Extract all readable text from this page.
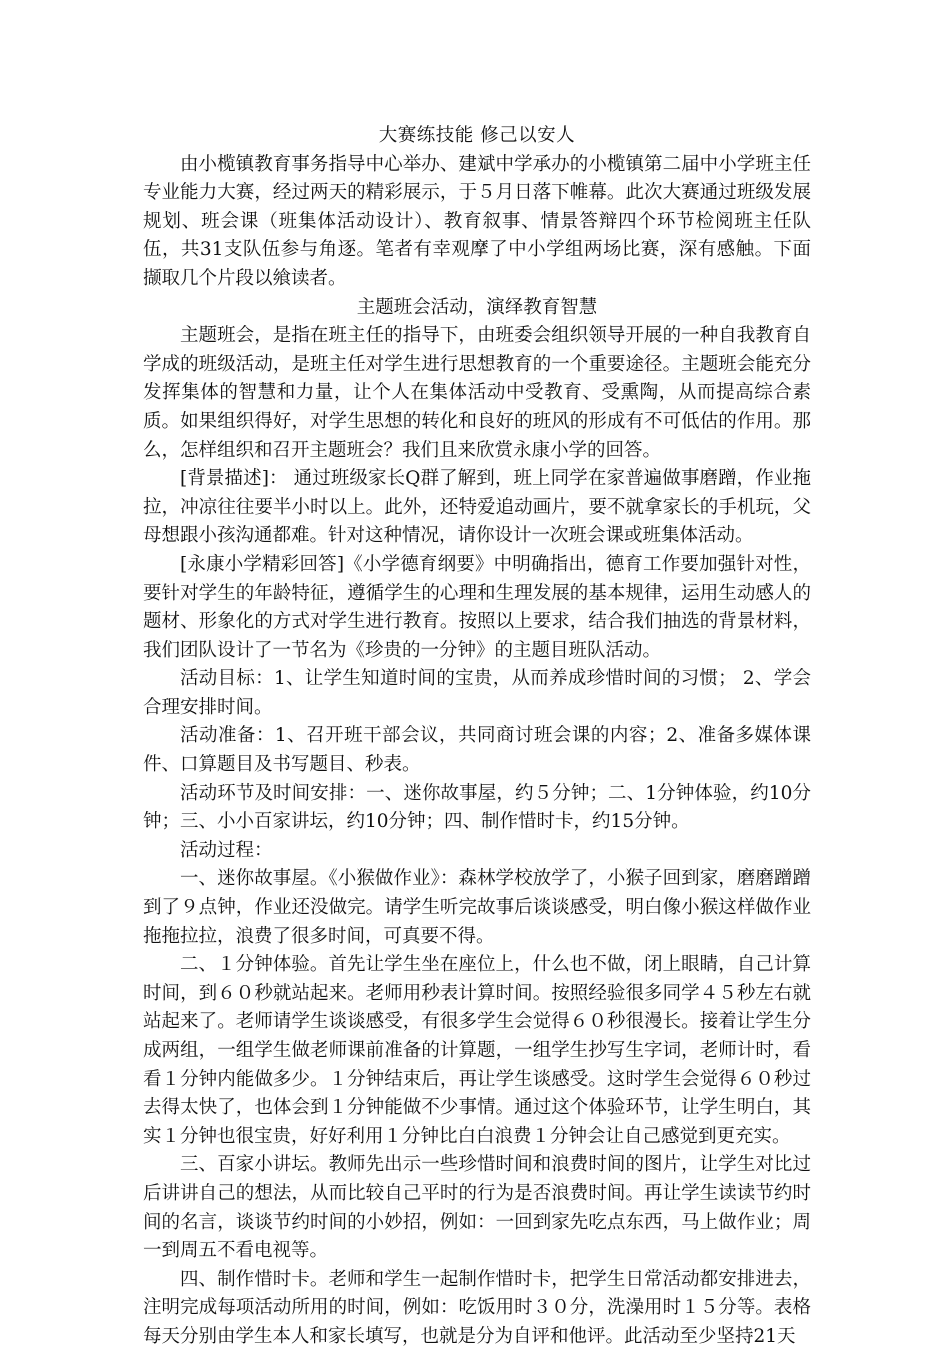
大赛练技能 修己以安人

由小榄镇教育事务指导中心举办、建斌中学承办的小榄镇第二届中小学班主任专业能力大赛，经过两天的精彩展示，于５月日落下帷幕。此次大赛通过班级发展规划、班会课（班集体活动设计）、教育叙事、情景答辩四个环节检阅班主任队伍，共31支队伍参与角逐。笔者有幸观摩了中小学组两场比赛，深有感触。下面撷取几个片段以飨读者。

主题班会活动，演绎教育智慧

主题班会，是指在班主任的指导下，由班委会组织领导开展的一种自我教育自学成的班级活动，是班主任对学生进行思想教育的一个重要途径。主题班会能充分发挥集体的智慧和力量，让个人在集体活动中受教育、受熏陶，从而提高综合素质。如果组织得好，对学生思想的转化和良好的班风的形成有不可低估的作用。那么，怎样组织和召开主题班会？我们且来欣赏永康小学的回答。

[背景描述]： 通过班级家长Q群了解到，班上同学在家普遍做事磨蹭，作业拖拉，冲凉往往要半小时以上。此外，还特爱追动画片，要不就拿家长的手机玩，父母想跟小孩沟通都难。针对这种情况，请你设计一次班会课或班集体活动。

[永康小学精彩回答]《小学德育纲要》中明确指出，德育工作要加强针对性，要针对学生的年龄特征，遵循学生的心理和生理发展的基本规律，运用生动感人的题材、形象化的方式对学生进行教育。按照以上要求，结合我们抽选的背景材料，我们团队设计了一节名为《珍贵的一分钟》的主题目班队活动。

活动目标：1、让学生知道时间的宝贵，从而养成珍惜时间的习惯； 2、学会合理安排时间。

活动准备：1、召开班干部会议，共同商讨班会课的内容；2、准备多媒体课件、口算题目及书写题目、秒表。

活动环节及时间安排：一、迷你故事屋，约５分钟；二、1分钟体验，约10分钟；三、小小百家讲坛，约10分钟；四、制作惜时卡，约15分钟。

活动过程：

一、迷你故事屋。《小猴做作业》：森林学校放学了，小猴子回到家，磨磨蹭蹭到了９点钟，作业还没做完。请学生听完故事后谈谈感受，明白像小猴这样做作业拖拖拉拉，浪费了很多时间，可真要不得。

二、１分钟体验。首先让学生坐在座位上，什么也不做，闭上眼睛，自己计算时间，到６０秒就站起来。老师用秒表计算时间。按照经验很多同学４５秒左右就站起来了。老师请学生谈谈感受，有很多学生会觉得６０秒很漫长。接着让学生分成两组，一组学生做老师课前准备的计算题，一组学生抄写生字词，老师计时，看看１分钟内能做多少。１分钟结束后，再让学生谈感受。这时学生会觉得６０秒过去得太快了，也体会到１分钟能做不少事情。通过这个体验环节，让学生明白，其实１分钟也很宝贵，好好利用１分钟比白白浪费１分钟会让自己感觉到更充实。

三、百家小讲坛。教师先出示一些珍惜时间和浪费时间的图片，让学生对比过后讲讲自己的想法，从而比较自己平时的行为是否浪费时间。再让学生读读节约时间的名言，谈谈节约时间的小妙招，例如：一回到家先吃点东西，马上做作业；周一到周五不看电视等。

四、制作惜时卡。老师和学生一起制作惜时卡，把学生日常活动都安排进去，注明完成每项活动所用的时间，例如：吃饭用时３０分，洗澡用时１５分等。表格每天分别由学生本人和家长填写，也就是分为自评和他评。此活动至少坚持21天
